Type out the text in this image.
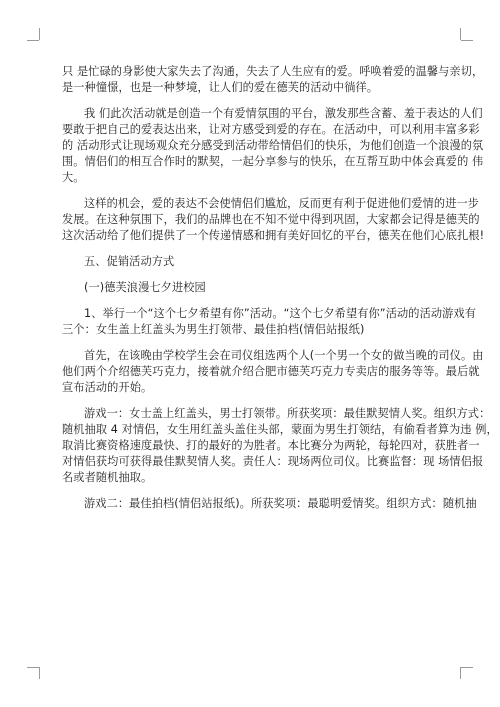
只 是忙碌的身影使大家失去了沟通，失去了人生应有的爱。呼唤着爱的温馨与亲切，
是一种憧憬，也是一种梦境，让人们的爱在德芙的活动中徜徉。
我 们此次活动就是创造一个有爱情氛围的平台，激发那些含蓄、羞于表达的人们
要敢于把自己的爱表达出来，让对方感受到爱的存在。在活动中，可以利用丰富多彩
的 活动形式让现场观众充分感受到活动带给情侣们的快乐，为他们创造一个浪漫的氛
围。情侣们的相互合作时的默契，一起分享参与的快乐，在互帮互助中体会真爱的 伟
大。
这样的机会，爱的表达不会使情侣们尴尬，反而更有利于促进他们爱情的进一步
发展。在这种氛围下，我们的品牌也在不知不觉中得到巩固，大家都会记得是德芙的
这次活动给了他们提供了一个传递情感和拥有美好回忆的平台，德芙在他们心底扎根!
五、促销活动方式
(一)德芙浪漫七夕进校园
1、举行一个“这个七夕希望有你”活动。“这个七夕希望有你”活动的活动游戏有
三个：女生盖上红盖头为男生打领带、最佳拍档(情侣站报纸)
首先，在该晚由学校学生会在司仪组选两个人(一个男一个女的做当晚的司仪。由
他们两个介绍德芙巧克力，接着就介绍合肥市德芙巧克力专卖店的服务等等。最后就
宣布活动的开始。
游戏一：女士盖上红盖头，男士打领带。所获奖项：最佳默契情人奖。组织方式：
随机抽取 4 对情侣，女生用红盖头盖住头部，蒙面为男生打领结，有偷看者算为违 例，
取消比赛资格速度最快、打的最好的为胜者。本比赛分为两轮，每轮四对，获胜者一
对情侣获均可获得最佳默契情人奖。责任人：现场两位司仪。比赛监督：现 场情侣报
名或者随机抽取。
游戏二：最佳拍档(情侣站报纸)。所获奖项：最聪明爱情奖。组织方式：随机抽
